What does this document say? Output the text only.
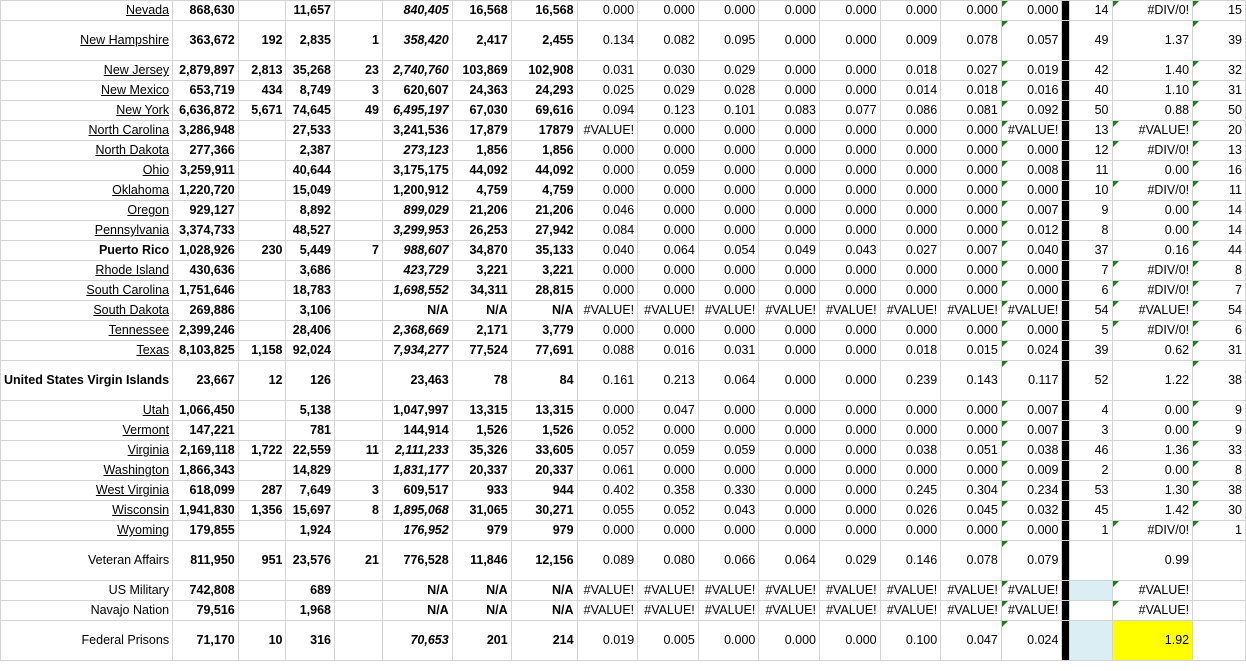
Nevada	868,630		11,657		840,405	16,568	16,568	0.000	0.000	0.000	0.000	0.000	0.000	0.000	0.000		14	#DIV/0!	15
New Hampshire	363,672	192	2,835	1	358,420	2,417	2,455	0.134	0.082	0.095	0.000	0.000	0.009	0.078	0.057		49	1.37	39
New Jersey	2,879,897	2,813	35,268	23	2,740,760	103,869	102,908	0.031	0.030	0.029	0.000	0.000	0.018	0.027	0.019		42	1.40	32
New Mexico	653,719	434	8,749	3	620,607	24,363	24,293	0.025	0.029	0.028	0.000	0.000	0.014	0.018	0.016		40	1.10	31
New York	6,636,872	5,671	74,645	49	6,495,197	67,030	69,616	0.094	0.123	0.101	0.083	0.077	0.086	0.081	0.092		50	0.88	50
North Carolina	3,286,948		27,533		3,241,536	17,879	17879	#VALUE!	0.000	0.000	0.000	0.000	0.000	0.000	#VALUE!		13	#VALUE!	20
North Dakota	277,366		2,387		273,123	1,856	1,856	0.000	0.000	0.000	0.000	0.000	0.000	0.000	0.000		12	#DIV/0!	13
Ohio	3,259,911		40,644		3,175,175	44,092	44,092	0.000	0.059	0.000	0.000	0.000	0.000	0.000	0.008		11	0.00	16
Oklahoma	1,220,720		15,049		1,200,912	4,759	4,759	0.000	0.000	0.000	0.000	0.000	0.000	0.000	0.000		10	#DIV/0!	11
Oregon	929,127		8,892		899,029	21,206	21,206	0.046	0.000	0.000	0.000	0.000	0.000	0.000	0.007		9	0.00	14
Pennsylvania	3,374,733		48,527		3,299,953	26,253	27,942	0.084	0.000	0.000	0.000	0.000	0.000	0.000	0.012		8	0.00	14
Puerto Rico	1,028,926	230	5,449	7	988,607	34,870	35,133	0.040	0.064	0.054	0.049	0.043	0.027	0.007	0.040		37	0.16	44
Rhode Island	430,636		3,686		423,729	3,221	3,221	0.000	0.000	0.000	0.000	0.000	0.000	0.000	0.000		7	#DIV/0!	8
South Carolina	1,751,646		18,783		1,698,552	34,311	28,815	0.000	0.000	0.000	0.000	0.000	0.000	0.000	0.000		6	#DIV/0!	7
South Dakota	269,886		3,106		N/A	N/A	N/A	#VALUE!	#VALUE!	#VALUE!	#VALUE!	#VALUE!	#VALUE!	#VALUE!	#VALUE!		54	#VALUE!	54
Tennessee	2,399,246		28,406		2,368,669	2,171	3,779	0.000	0.000	0.000	0.000	0.000	0.000	0.000	0.000		5	#DIV/0!	6
Texas	8,103,825	1,158	92,024		7,934,277	77,524	77,691	0.088	0.016	0.031	0.000	0.000	0.018	0.015	0.024		39	0.62	31
United States Virgin Islands	23,667	12	126		23,463	78	84	0.161	0.213	0.064	0.000	0.000	0.239	0.143	0.117		52	1.22	38
Utah	1,066,450		5,138		1,047,997	13,315	13,315	0.000	0.047	0.000	0.000	0.000	0.000	0.000	0.007		4	0.00	9
Vermont	147,221		781		144,914	1,526	1,526	0.052	0.000	0.000	0.000	0.000	0.000	0.000	0.007		3	0.00	9
Virginia	2,169,118	1,722	22,559	11	2,111,233	35,326	33,605	0.057	0.059	0.059	0.000	0.000	0.038	0.051	0.038		46	1.36	33
Washington	1,866,343		14,829		1,831,177	20,337	20,337	0.061	0.000	0.000	0.000	0.000	0.000	0.000	0.009		2	0.00	8
West Virginia	618,099	287	7,649	3	609,517	933	944	0.402	0.358	0.330	0.000	0.000	0.245	0.304	0.234		53	1.30	38
Wisconsin	1,941,830	1,356	15,697	8	1,895,068	31,065	30,271	0.055	0.052	0.043	0.000	0.000	0.026	0.045	0.032		45	1.42	30
Wyoming	179,855		1,924		176,952	979	979	0.000	0.000	0.000	0.000	0.000	0.000	0.000	0.000		1	#DIV/0!	1
Veteran Affairs	811,950	951	23,576	21	776,528	11,846	12,156	0.089	0.080	0.066	0.064	0.029	0.146	0.078	0.079			0.99	
US Military	742,808		689		N/A	N/A	N/A	#VALUE!	#VALUE!	#VALUE!	#VALUE!	#VALUE!	#VALUE!	#VALUE!	#VALUE!			#VALUE!	
Navajo Nation	79,516		1,968		N/A	N/A	N/A	#VALUE!	#VALUE!	#VALUE!	#VALUE!	#VALUE!	#VALUE!	#VALUE!	#VALUE!			#VALUE!	
Federal Prisons	71,170	10	316		70,653	201	214	0.019	0.005	0.000	0.000	0.000	0.100	0.047	0.024			1.92	
